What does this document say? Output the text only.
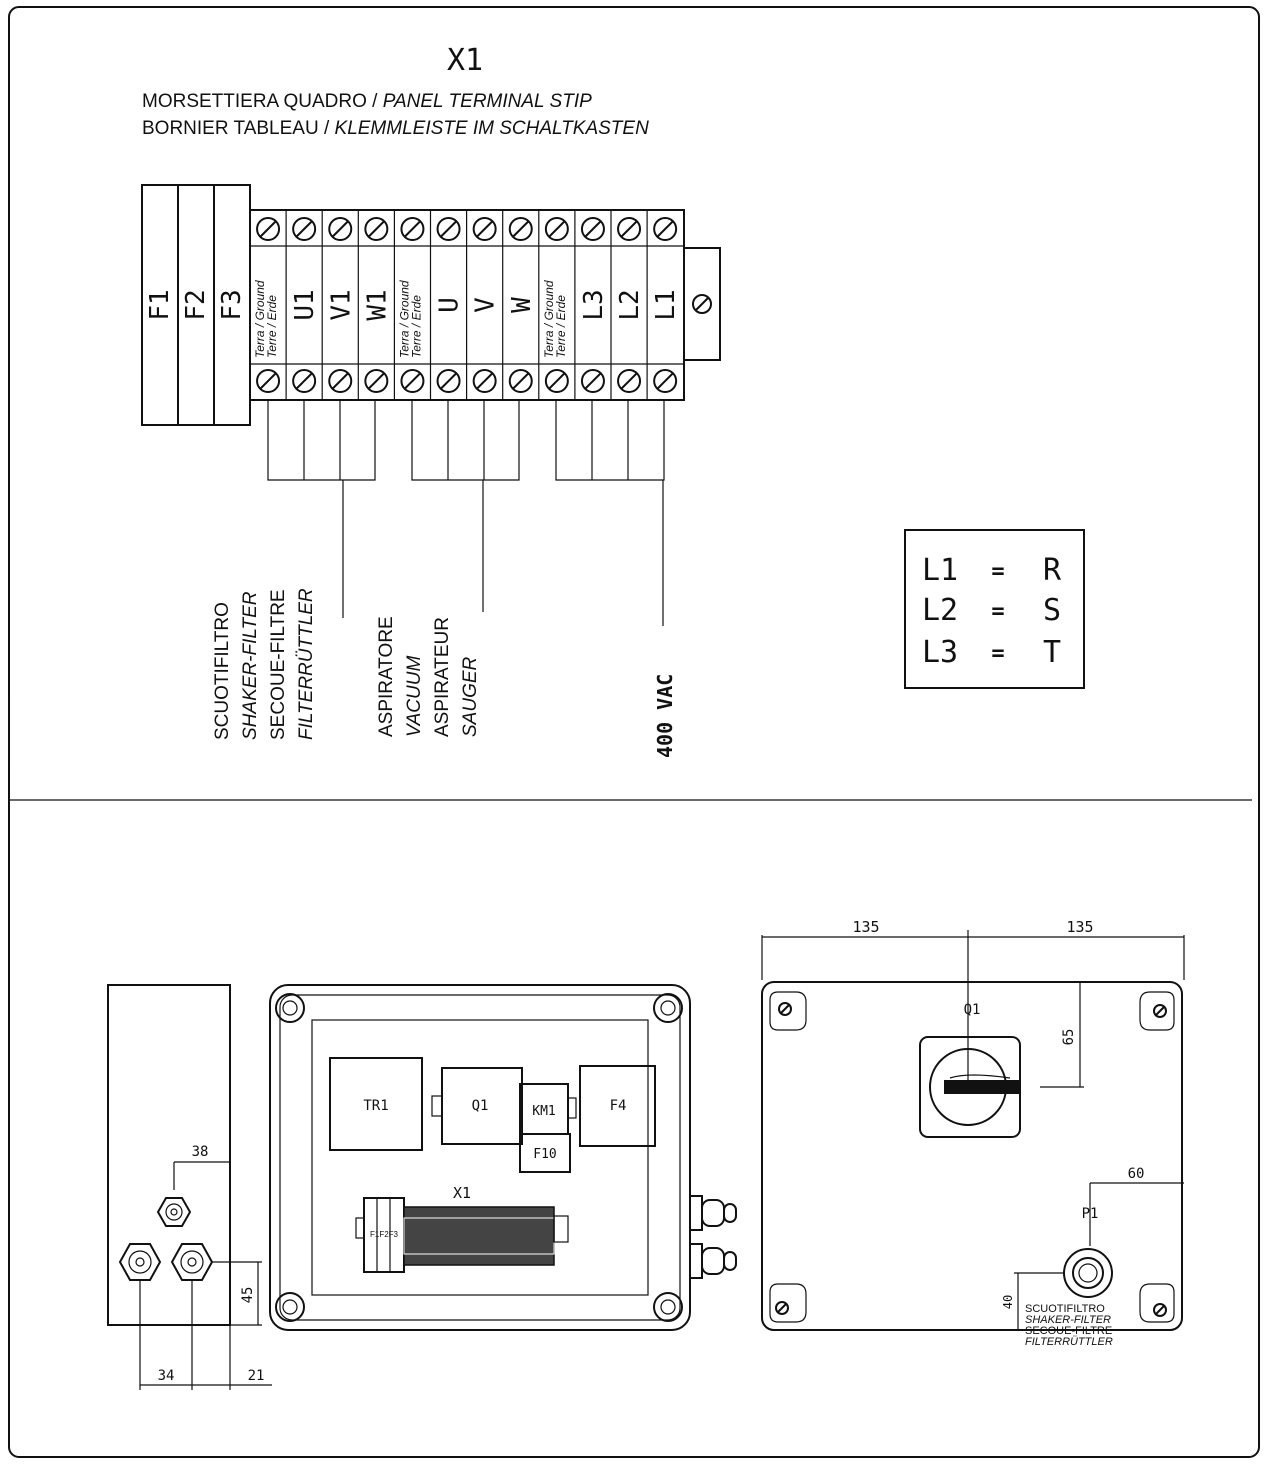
X1
MORSETTIERA QUADRO / PANEL TERMINAL STIP
BORNIER TABLEAU / KLEMMLEISTE IM SCHALTKASTEN
F1 F2 F3 Terra / Ground
Terre / Erde U1 V1 W1 Terra / Ground
Terre / Erde U V W Terra / Ground
Terre / Erde L3 L2 L1
SCUOTIFILTRO SHAKER-FILTER SECOUE-FILTRE FILTERRÜTTLER	ASPIRATORE VACUUM ASPIRATEUR SAUGER	400 VAC
L1 = R
L2 = S
L3 = T
38
45
34	21
TR1	Q1	KM1
F10
F4
X1
F1F2F3
135	135
Q1
65
60
P1
40 SCUOTIFILTRO
SHAKER-FILTER
SECOUE-FILTRE
FILTERRÜTTLER
